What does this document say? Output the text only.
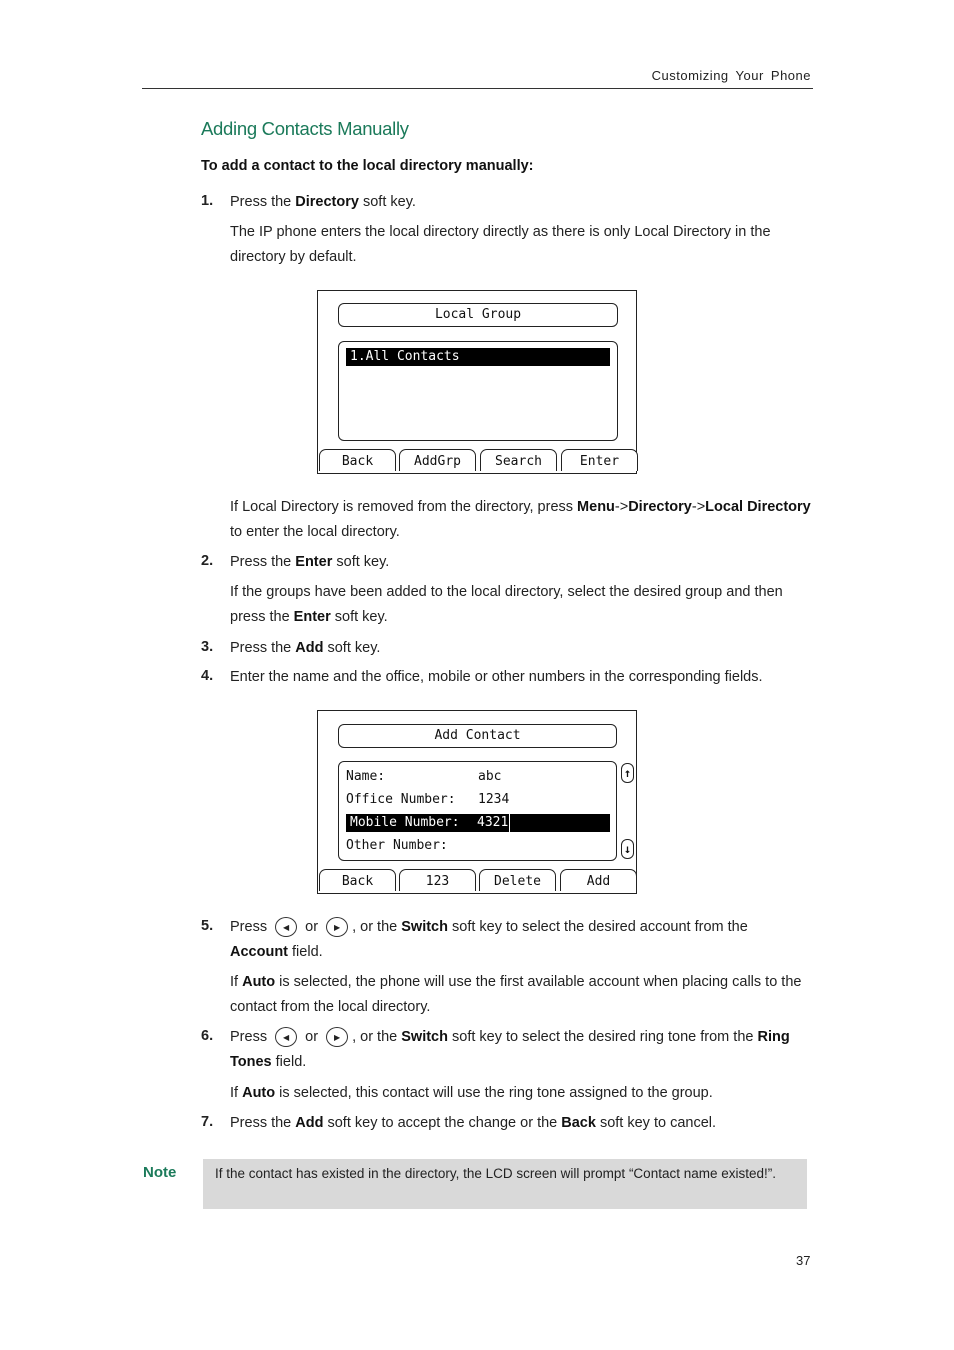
Customizing Your Phone
Adding Contacts Manually
To add a contact to the local directory manually:
1. Press the Directory soft key.
The IP phone enters the local directory directly as there is only Local Directory in the directory by default.
Local Group
1.All Contacts
Back	AddGrp	Search	Enter
If Local Directory is removed from the directory, press Menu->Directory->Local Directory to enter the local directory.
2. Press the Enter soft key.
If the groups have been added to the local directory, select the desired group and then press the Enter soft key.
3. Press the Add soft key.
4. Enter the name and the office, mobile or other numbers in the corresponding fields.
Add Contact
Name:	abc
Office Number: 1234
Mobile Number: 4321
Other Number:
↑
↓
Back	123	Delete	Add
5. Press ◀ or ▶ , or the Switch soft key to select the desired account from the
Account field.
If Auto is selected, the phone will use the first available account when placing calls to the contact from the local directory.
6. Press ◀ or ▶ , or the Switch soft key to select the desired ring tone from the Ring Tones field.
If Auto is selected, this contact will use the ring tone assigned to the group.
7. Press the Add soft key to accept the change or the Back soft key to cancel.
Note	If the contact has existed in the directory, the LCD screen will prompt “Contact name existed!”.
37
